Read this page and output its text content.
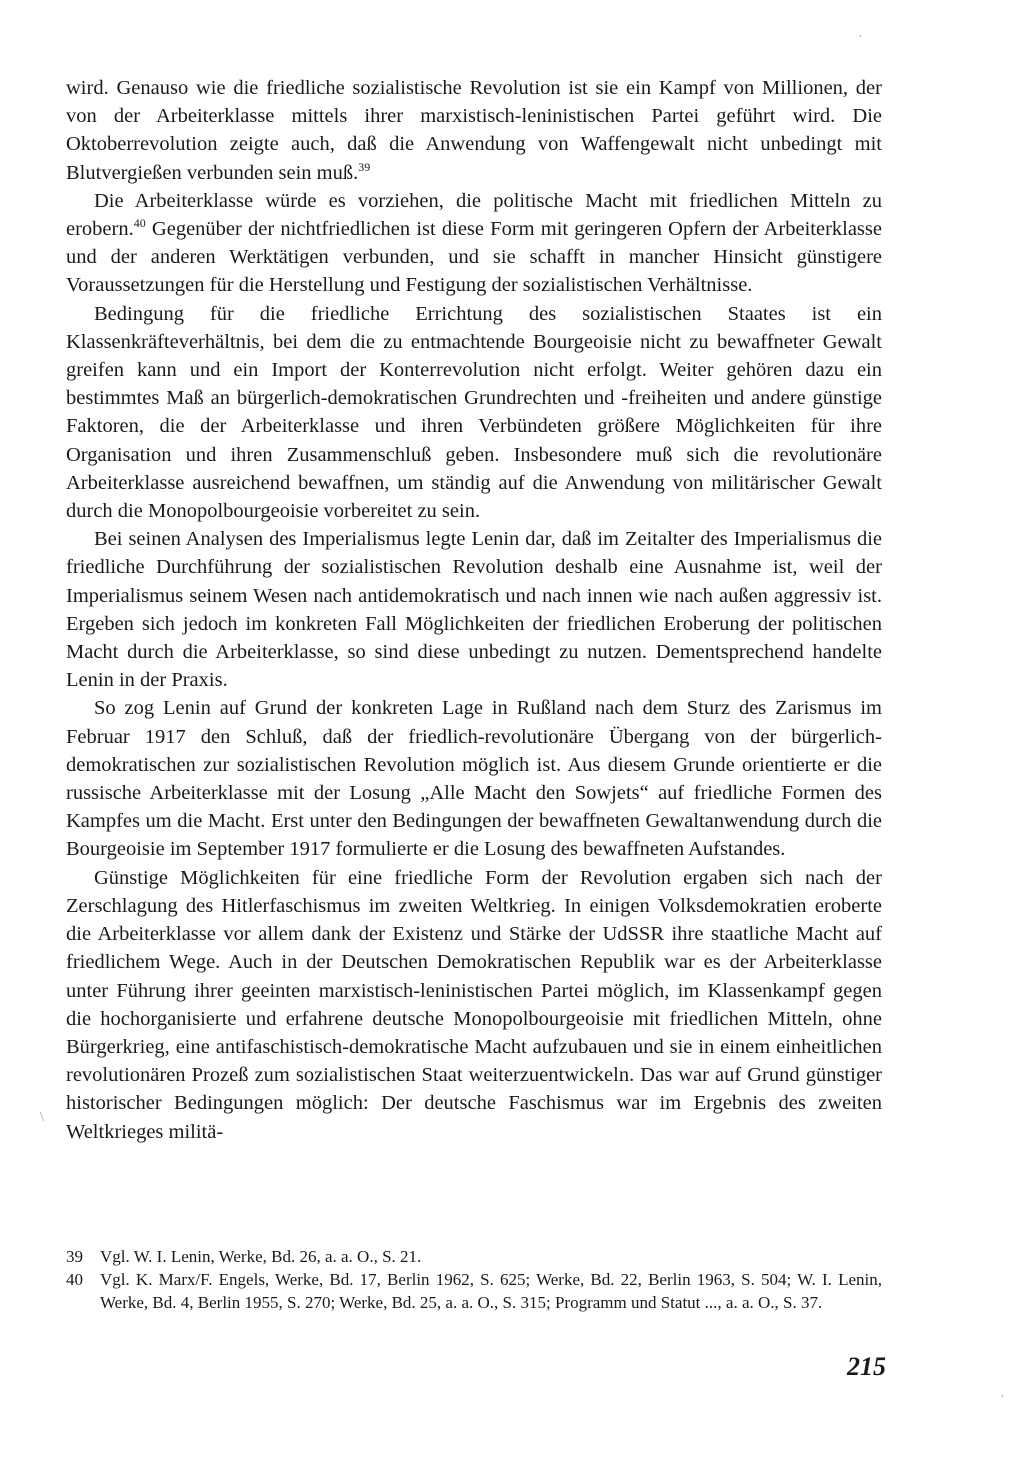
wird. Genauso wie die friedliche sozialistische Revolution ist sie ein Kampf von Millionen, der von der Arbeiterklasse mittels ihrer marxistisch-leninistischen Partei geführt wird. Die Oktoberrevolution zeigte auch, daß die Anwendung von Waffengewalt nicht unbedingt mit Blutvergießen verbunden sein muß.$^{39}$

Die Arbeiterklasse würde es vorziehen, die politische Macht mit friedlichen Mitteln zu erobern.$^{40}$ Gegenüber der nichtfriedlichen ist diese Form mit geringeren Opfern der Arbeiterklasse und der anderen Werktätigen verbunden, und sie schafft in mancher Hinsicht günstigere Voraussetzungen für die Herstellung und Festigung der sozialistischen Verhältnisse.

Bedingung für die friedliche Errichtung des sozialistischen Staates ist ein Klassenkräfteverhältnis, bei dem die zu entmachtende Bourgeoisie nicht zu bewaffneter Gewalt greifen kann und ein Import der Konterrevolution nicht erfolgt. Weiter gehören dazu ein bestimmtes Maß an bürgerlich-demokratischen Grundrechten und -freiheiten und andere günstige Faktoren, die der Arbeiterklasse und ihren Verbündeten größere Möglichkeiten für ihre Organisation und ihren Zusammenschluß geben. Insbesondere muß sich die revolutionäre Arbeiterklasse ausreichend bewaffnen, um ständig auf die Anwendung von militärischer Gewalt durch die Monopolbourgeoisie vorbereitet zu sein.

Bei seinen Analysen des Imperialismus legte Lenin dar, daß im Zeitalter des Imperialismus die friedliche Durchführung der sozialistischen Revolution deshalb eine Ausnahme ist, weil der Imperialismus seinem Wesen nach antidemokratisch und nach innen wie nach außen aggressiv ist. Ergeben sich jedoch im konkreten Fall Möglichkeiten der friedlichen Eroberung der politischen Macht durch die Arbeiterklasse, so sind diese unbedingt zu nutzen. Dementsprechend handelte Lenin in der Praxis.

So zog Lenin auf Grund der konkreten Lage in Rußland nach dem Sturz des Zarismus im Februar 1917 den Schluß, daß der friedlich-revolutionäre Übergang von der bürgerlich-demokratischen zur sozialistischen Revolution möglich ist. Aus diesem Grunde orientierte er die russische Arbeiterklasse mit der Losung „Alle Macht den Sowjets“ auf friedliche Formen des Kampfes um die Macht. Erst unter den Bedingungen der bewaffneten Gewaltanwendung durch die Bourgeoisie im September 1917 formulierte er die Losung des bewaffneten Aufstandes.

Günstige Möglichkeiten für eine friedliche Form der Revolution ergaben sich nach der Zerschlagung des Hitlerfaschismus im zweiten Weltkrieg. In einigen Volksdemokratien eroberte die Arbeiterklasse vor allem dank der Existenz und Stärke der UdSSR ihre staatliche Macht auf friedlichem Wege. Auch in der Deutschen Demokratischen Republik war es der Arbeiterklasse unter Führung ihrer geeinten marxistisch-leninistischen Partei möglich, im Klassenkampf gegen die hochorganisierte und erfahrene deutsche Monopolbourgeoisie mit friedlichen Mitteln, ohne Bürgerkrieg, eine antifaschistisch-demokratische Macht aufzubauen und sie in einem einheitlichen revolutionären Prozeß zum sozialistischen Staat weiterzuentwickeln. Das war auf Grund günstiger historischer Bedingungen möglich: Der deutsche Faschismus war im Ergebnis des zweiten Weltkrieges militä-

39	Vgl. W. I. Lenin, Werke, Bd. 26, a. a. O., S. 21.

40	Vgl. K. Marx/F. Engels, Werke, Bd. 17, Berlin 1962, S. 625; Werke, Bd. 22, Berlin 1963, S. 504; W. I. Lenin, Werke, Bd. 4, Berlin 1955, S. 270; Werke, Bd. 25, a. a. O., S. 315; Programm und Statut ..., a. a. O., S. 37.

215
·
\
·
